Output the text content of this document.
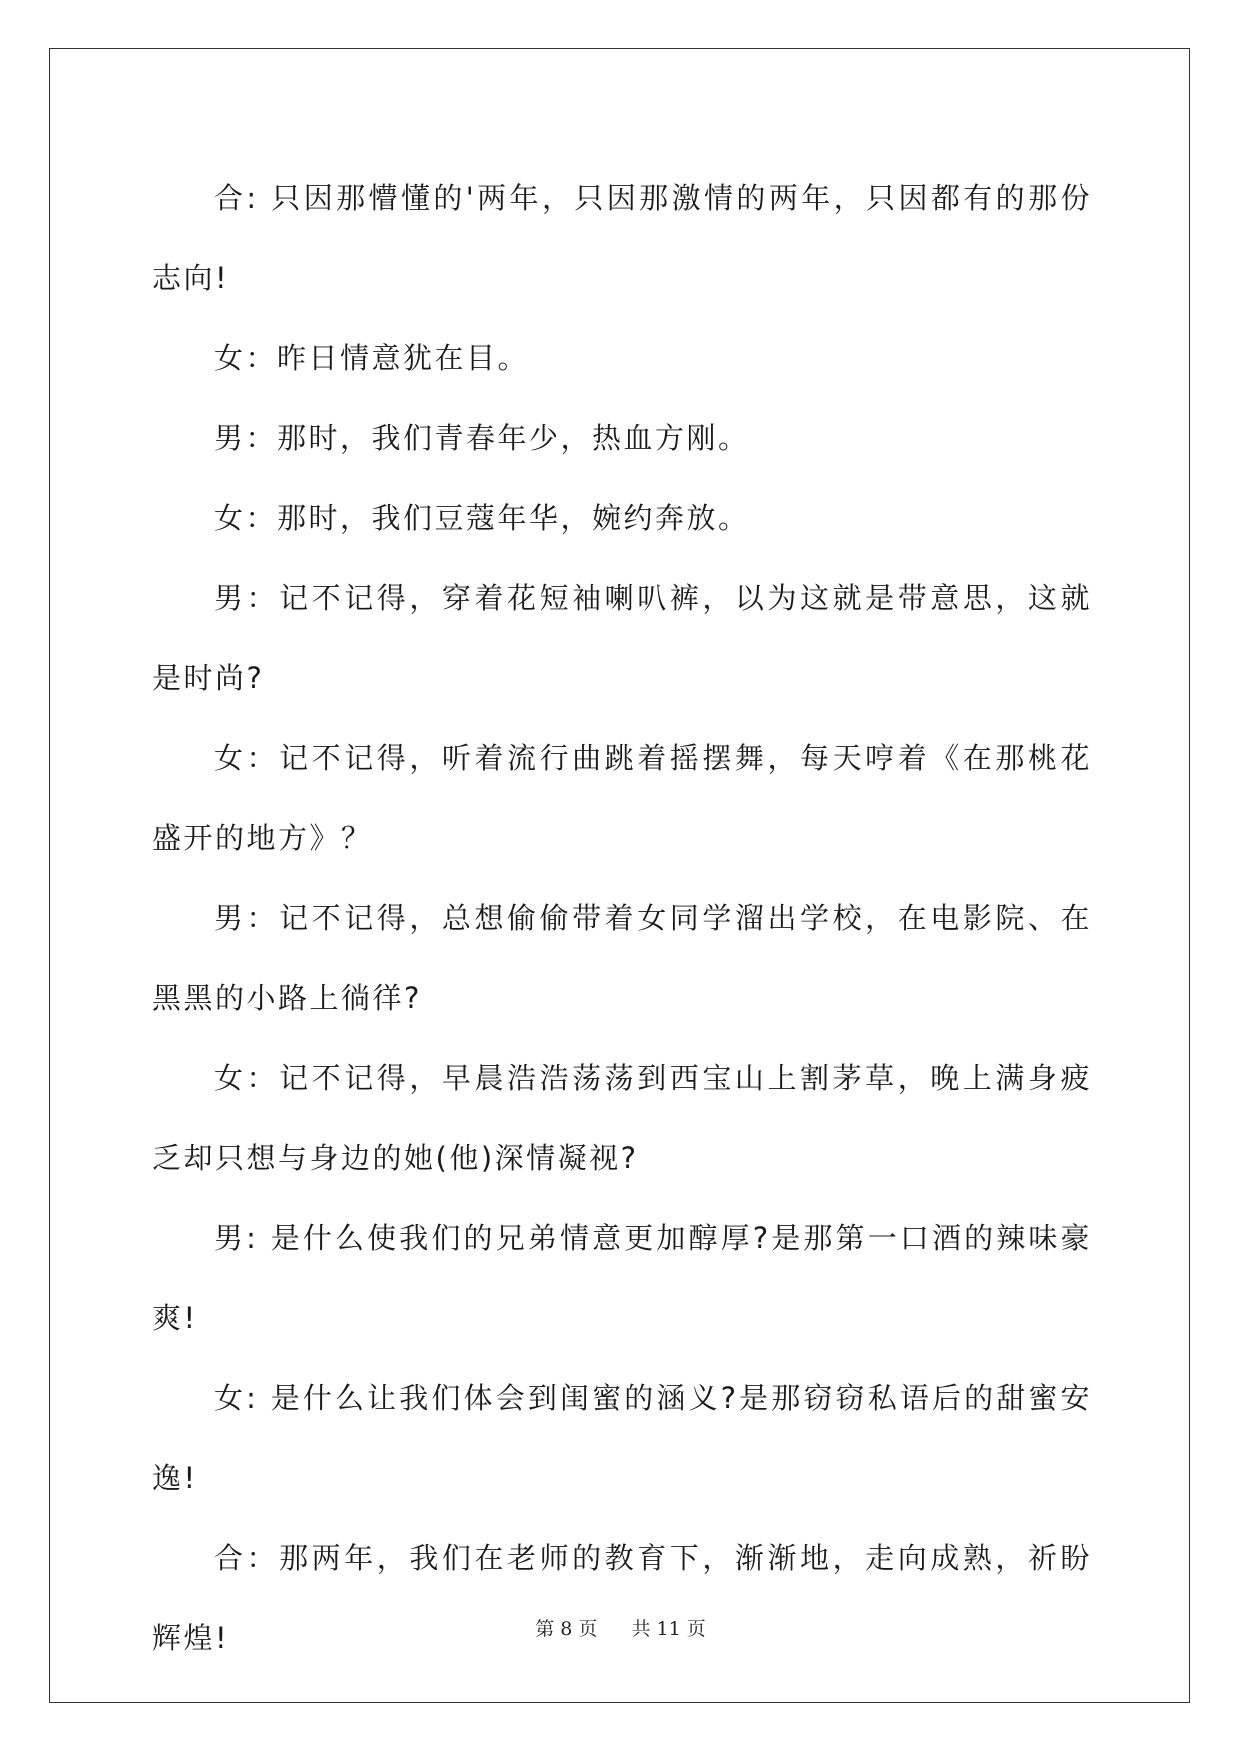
合: 只因那懵懂的'两年，只因那激情的两年，只因都有的那份志向!

女：昨日情意犹在目。

男：那时，我们青春年少，热血方刚。

女：那时，我们豆蔻年华，婉约奔放。

男：记不记得，穿着花短袖喇叭裤，以为这就是带意思，这就是时尚?

女：记不记得，听着流行曲跳着摇摆舞，每天哼着《在那桃花盛开的地方》？

男：记不记得，总想偷偷带着女同学溜出学校，在电影院、在黑黑的小路上徜徉?

女：记不记得，早晨浩浩荡荡到西宝山上割茅草，晚上满身疲乏却只想与身边的她(他)深情凝视?

男: 是什么使我们的兄弟情意更加醇厚?是那第一口酒的辣味豪爽!

女: 是什么让我们体会到闺蜜的涵义?是那窃窃私语后的甜蜜安逸!

合：那两年，我们在老师的教育下，渐渐地，走向成熟，祈盼辉煌!	第 8 页 共 11 页
